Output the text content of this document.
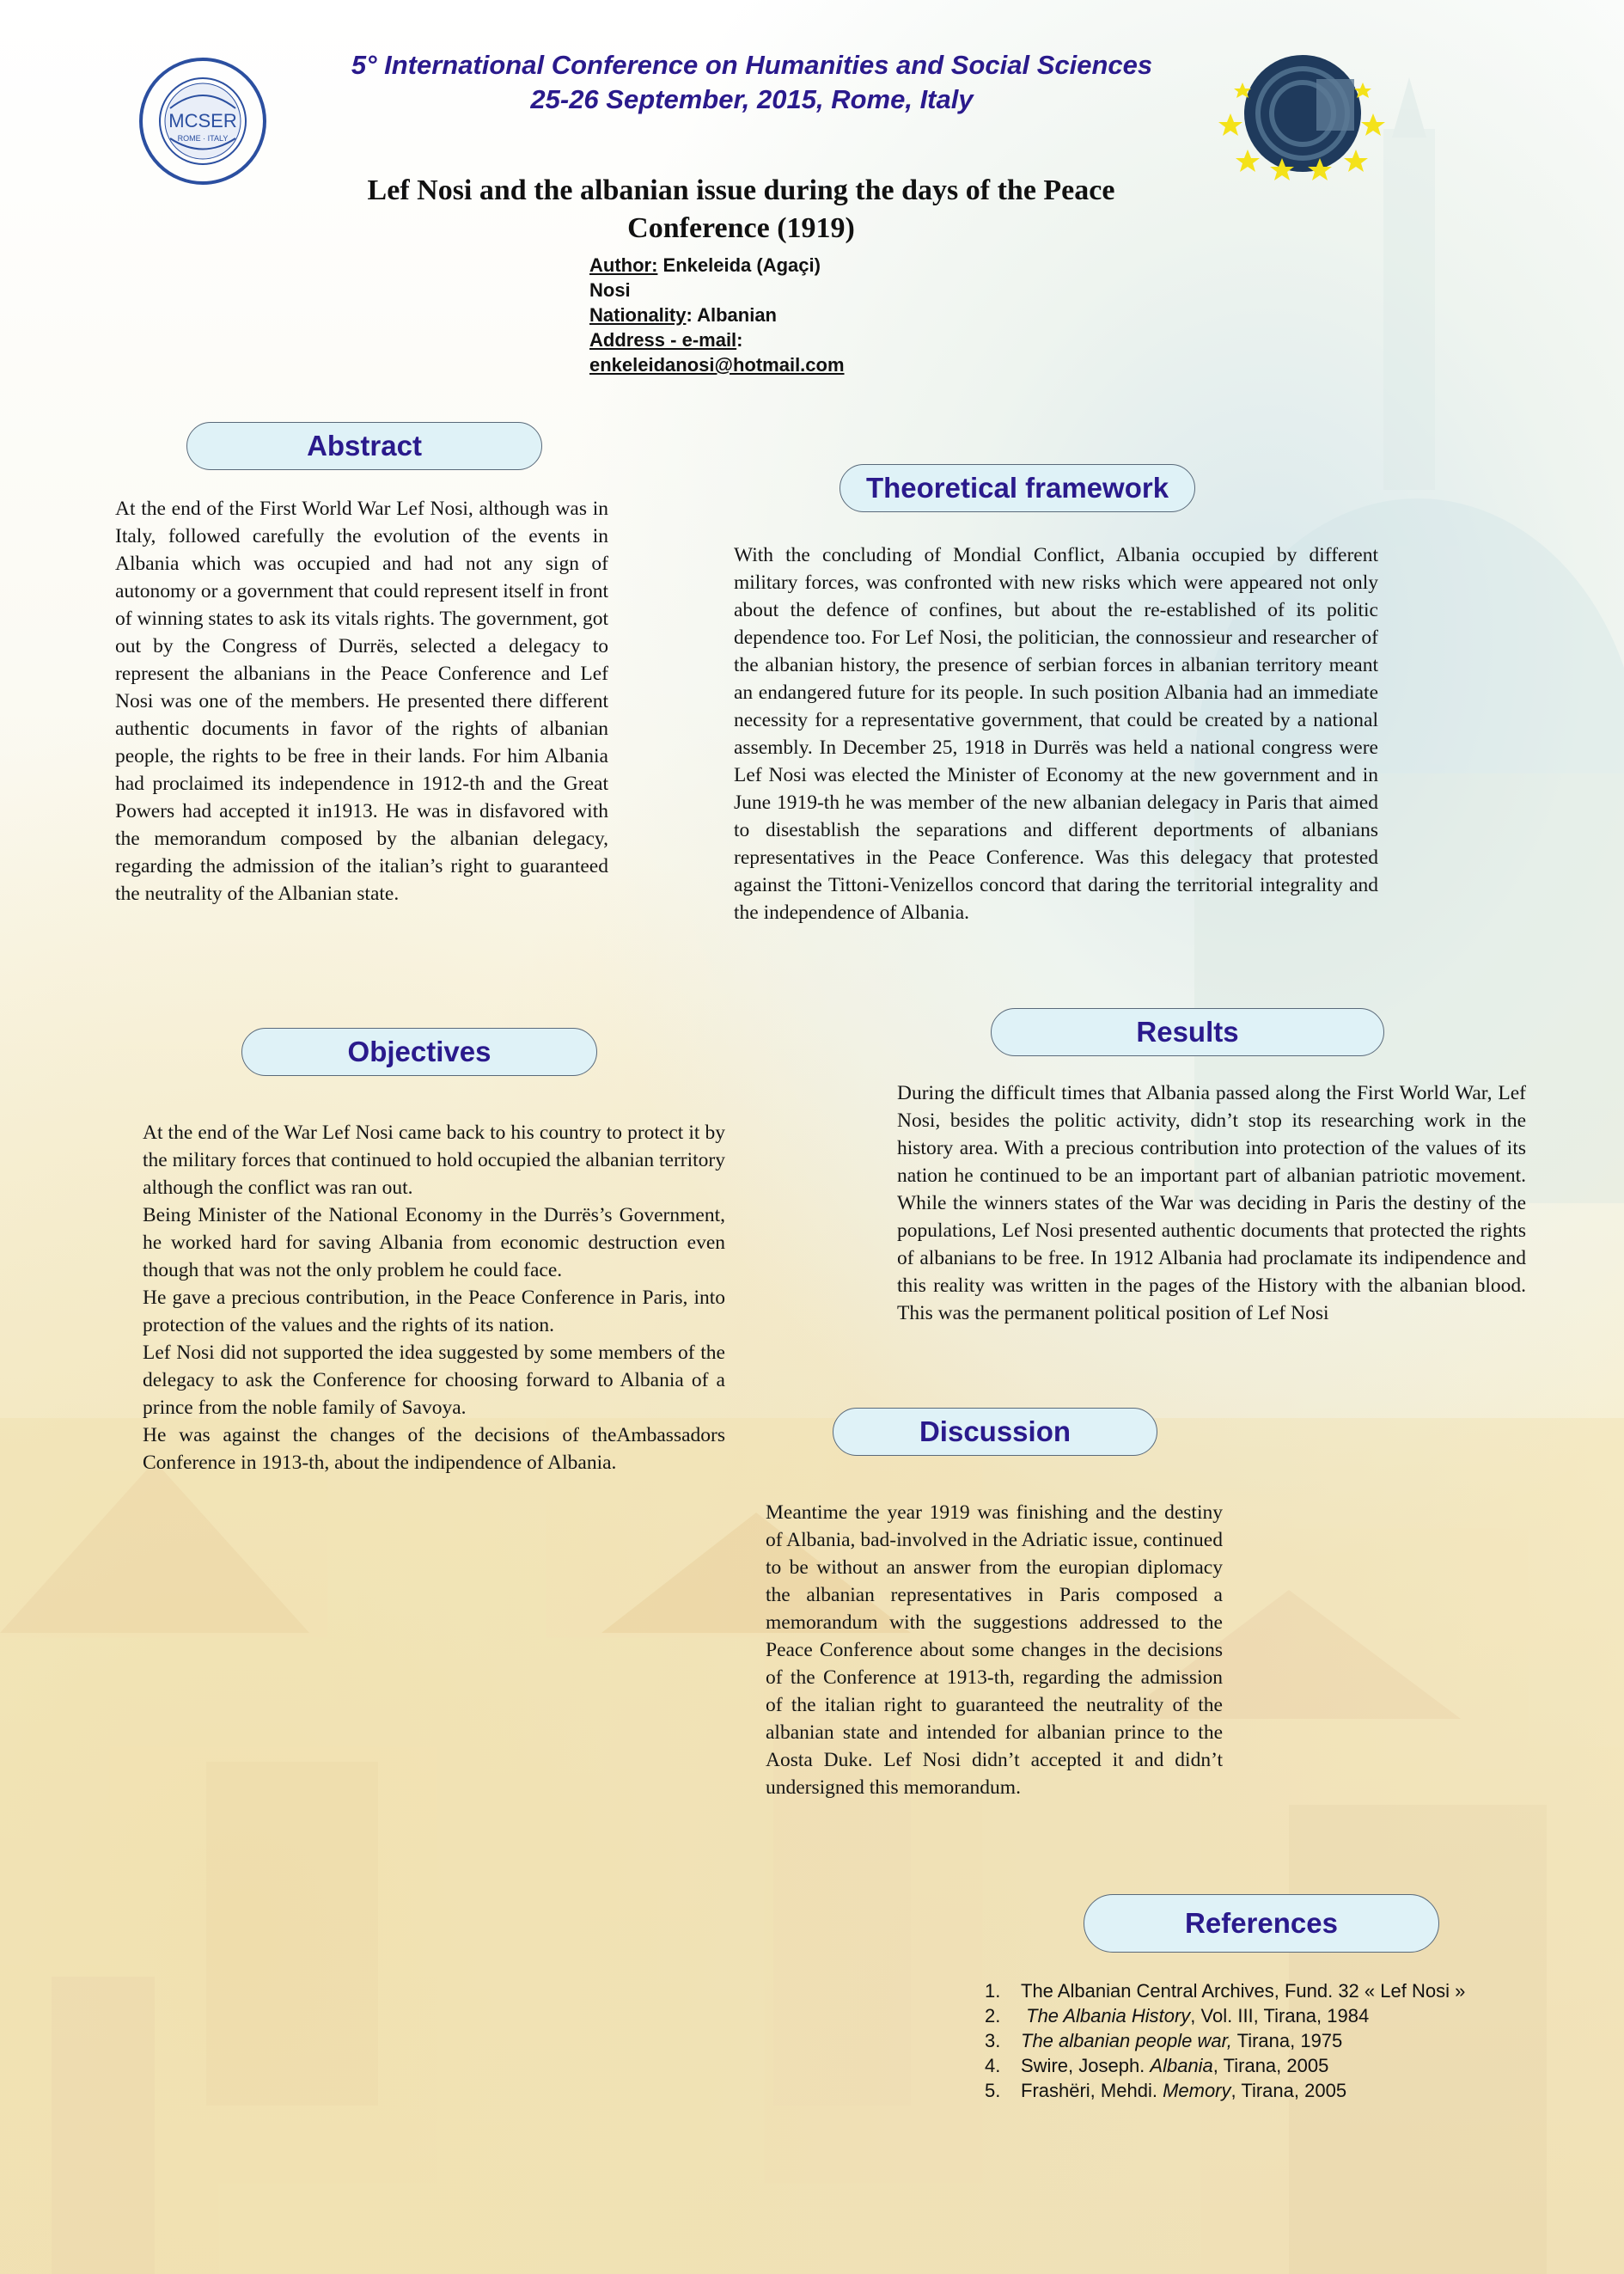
MCSER
ROME · ITALY
5° International Conference on Humanities and Social Sciences
25-26 September, 2015, Rome, Italy
Lef Nosi and the albanian issue during the days of the Peace
Conference (1919)
Author: Enkeleida (Agaçi)
Nosi
Nationality: Albanian
Address - e-mail:
enkeleidanosi@hotmail.com
Abstract

At the end of the First World War Lef Nosi, although was in Italy, followed carefully the evolution of the events in Albania which was occupied and had not any sign of autonomy or a government that could represent itself in front of winning states to ask its vitals rights. The government, got out by the Congress of Durrës, selected a delegacy to represent the albanians in the Peace Conference and Lef Nosi was one of the members. He presented there different authentic documents in favor of the rights of albanian people, the rights to be free in their lands. For him Albania had proclaimed its independence in 1912-th and the Great Powers had accepted it in1913. He was in disfavored with the memorandum composed by the albanian delegacy, regarding the admission of the italian’s right to guaranteed the neutrality of the Albanian state.

Theoretical framework

With the concluding of Mondial Conflict, Albania occupied by different military forces, was confronted with new risks which were appeared not only about the defence of confines, but about the re-established of its politic dependence too. For Lef Nosi, the politician, the connossieur and researcher of the albanian history, the presence of serbian forces in albanian territory meant an endangered future for its people. In such position Albania had an immediate necessity for a representative government, that could be created by a national assembly. In December 25, 1918 in Durrës was held a national congress were Lef Nosi was elected the Minister of Economy at the new government and in June 1919-th he was member of the new albanian delegacy in Paris that aimed to disestablish the separations and different deportments of albanians representatives in the Peace Conference. Was this delegacy that protested against the Tittoni-Venizellos concord that daring the territorial integrality and the independence of Albania.

Objectives

At the end of the War Lef Nosi came back to his country to protect it by the military forces that continued to hold occupied the albanian territory although the conflict was ran out.

Being Minister of the National Economy in the Durrës’s Government, he worked hard for saving Albania from economic destruction even though that was not the only problem he could face.

He gave a precious contribution, in the Peace Conference in Paris, into protection of the values and the rights of its nation.

Lef Nosi did not supported the idea suggested by some members of the delegacy to ask the Conference for choosing forward to Albania of a prince from the noble family of Savoya.

He was against the changes of the decisions of theAmbassadors Conference in 1913-th, about the indipendence of Albania.

Results

During the difficult times that Albania passed along the First World War, Lef Nosi, besides the politic activity, didn’t stop its researching work in the history area. With a precious contribution into protection of the values of its nation he continued to be an important part of albanian patriotic movement. While the winners states of the War was deciding in Paris the destiny of the populations, Lef Nosi presented authentic documents that protected the rights of albanians to be free. In 1912 Albania had proclamate its indipendence and this reality was written in the pages of the History with the albanian blood. This was the permanent political position of Lef Nosi

Discussion

Meantime the year 1919 was finishing and the destiny of Albania, bad-involved in the Adriatic issue, continued to be without an answer from the europian diplomacy the albanian representatives in Paris composed a memorandum with the suggestions addressed to the Peace Conference about some changes in the decisions of the Conference at 1913-th, regarding the admission of the italian right to guaranteed the neutrality of the albanian state and intended for albanian prince to the Aosta Duke. Lef Nosi didn’t accepted it and didn’t undersigned this memorandum.

References
1.	The Albanian Central Archives, Fund. 32 « Lef Nosi »
2.	The Albania History, Vol. III, Tirana, 1984
3.	The albanian people war, Tirana, 1975
4.	Swire, Joseph. Albania, Tirana, 2005
5.	Frashëri, Mehdi. Memory, Tirana, 2005
